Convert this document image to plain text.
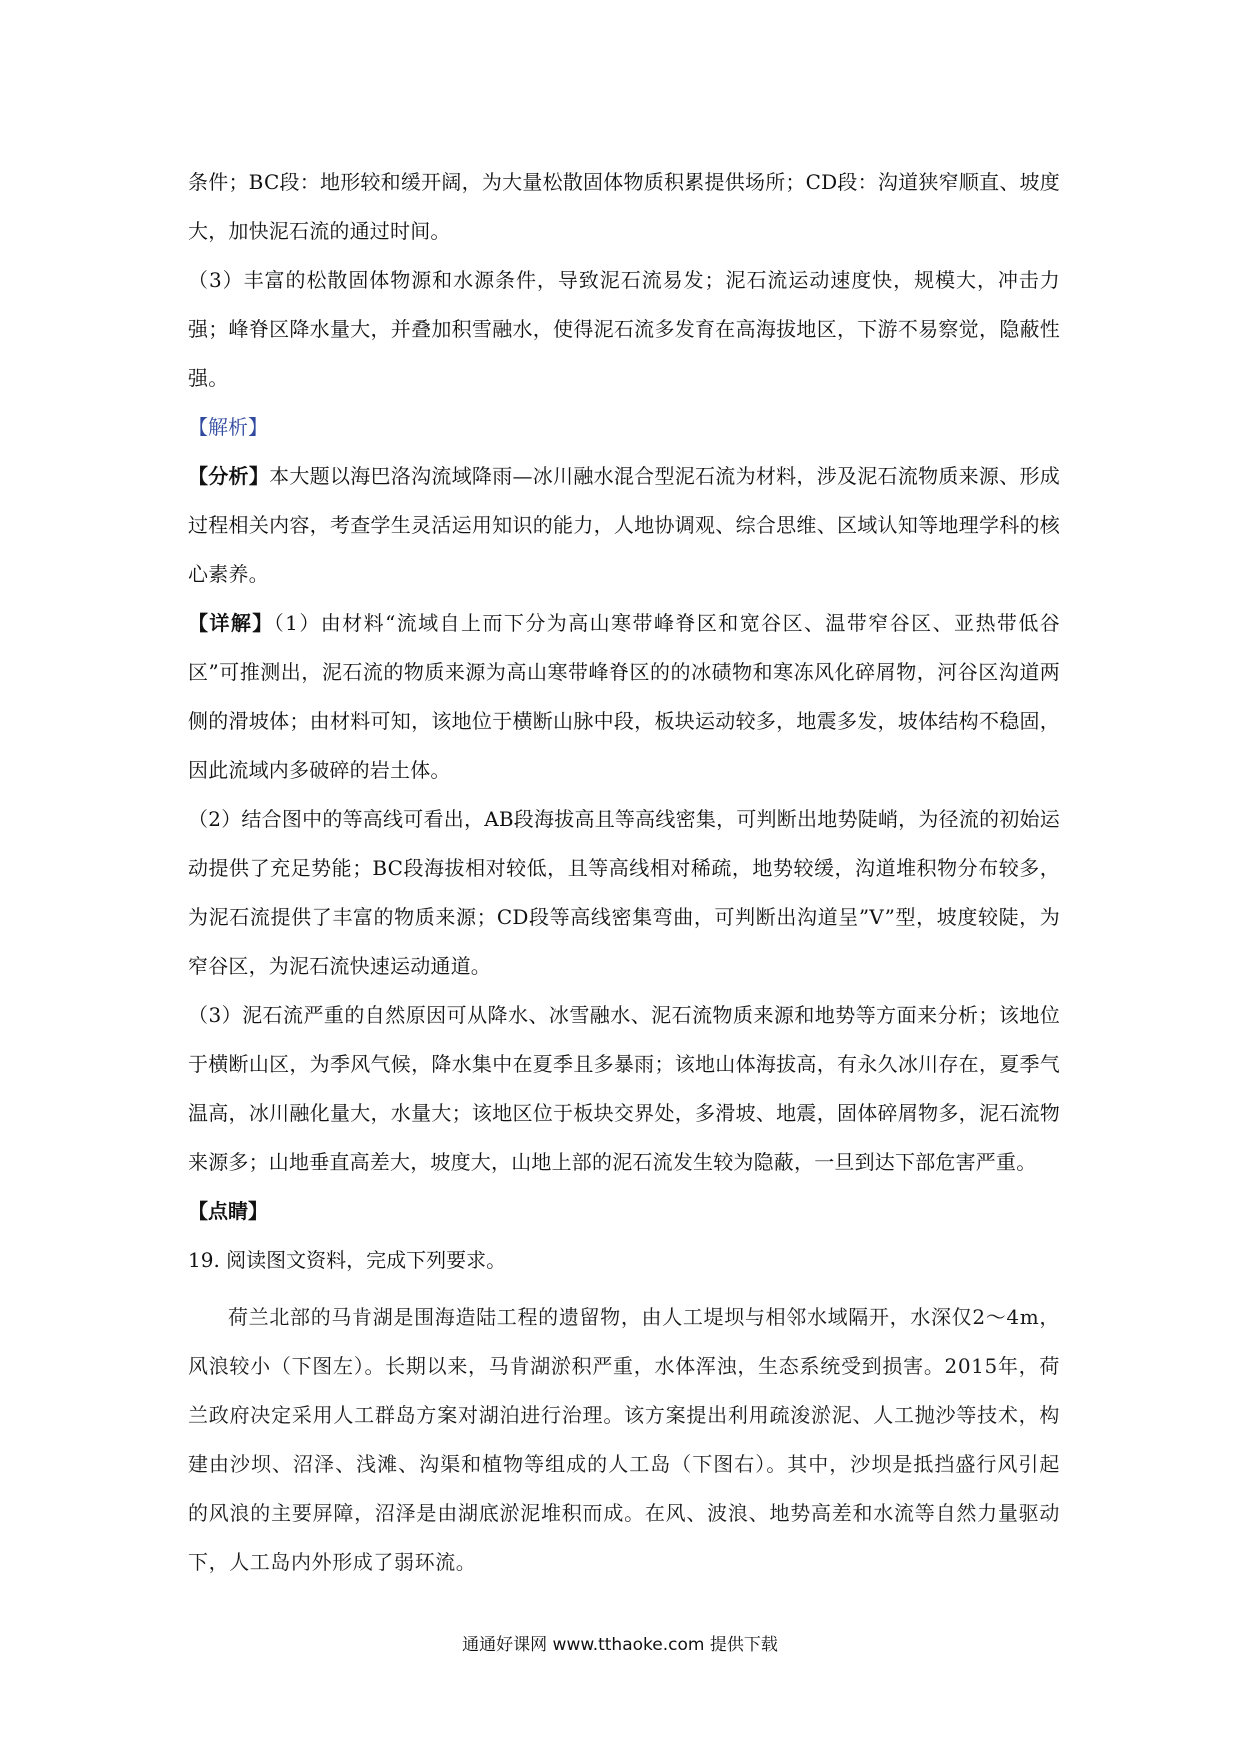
条件；BC段：地形较和缓开阔，为大量松散固体物质积累提供场所；CD段：沟道狭窄顺直、坡度大，加快泥石流的通过时间。

（3）丰富的松散固体物源和水源条件，导致泥石流易发；泥石流运动速度快，规模大，冲击力强；峰脊区降水量大，并叠加积雪融水，使得泥石流多发育在高海拔地区，下游不易察觉，隐蔽性强。

【解析】

【分析】本大题以海巴洛沟流域降雨—冰川融水混合型泥石流为材料，涉及泥石流物质来源、形成过程相关内容，考查学生灵活运用知识的能力，人地协调观、综合思维、区域认知等地理学科的核心素养。

【详解】（1）由材料“流域自上而下分为高山寒带峰脊区和宽谷区、温带窄谷区、亚热带低谷区”可推测出，泥石流的物质来源为高山寒带峰脊区的的冰碛物和寒冻风化碎屑物，河谷区沟道两侧的滑坡体；由材料可知，该地位于横断山脉中段，板块运动较多，地震多发，坡体结构不稳固，因此流域内多破碎的岩土体。

（2）结合图中的等高线可看出，AB段海拔高且等高线密集，可判断出地势陡峭，为径流的初始运动提供了充足势能；BC段海拔相对较低，且等高线相对稀疏，地势较缓，沟道堆积物分布较多，为泥石流提供了丰富的物质来源；CD段等高线密集弯曲，可判断出沟道呈”V”型，坡度较陡，为窄谷区，为泥石流快速运动通道。

（3）泥石流严重的自然原因可从降水、冰雪融水、泥石流物质来源和地势等方面来分析；该地位于横断山区，为季风气候，降水集中在夏季且多暴雨；该地山体海拔高，有永久冰川存在，夏季气温高，冰川融化量大，水量大；该地区位于板块交界处，多滑坡、地震，固体碎屑物多，泥石流物来源多；山地垂直高差大，坡度大，山地上部的泥石流发生较为隐蔽，一旦到达下部危害严重。

【点睛】

19. 阅读图文资料，完成下列要求。

荷兰北部的马肯湖是围海造陆工程的遗留物，由人工堤坝与相邻水域隔开，水深仅2～4m，风浪较小（下图左）。长期以来，马肯湖淤积严重，水体浑浊，生态系统受到损害。2015年，荷兰政府决定采用人工群岛方案对湖泊进行治理。该方案提出利用疏浚淤泥、人工抛沙等技术，构建由沙坝、沼泽、浅滩、沟渠和植物等组成的人工岛（下图右）。其中，沙坝是抵挡盛行风引起的风浪的主要屏障，沼泽是由湖底淤泥堆积而成。在风、波浪、地势高差和水流等自然力量驱动下，人工岛内外形成了弱环流。

通通好课网 www.tthaoke.com 提供下载
